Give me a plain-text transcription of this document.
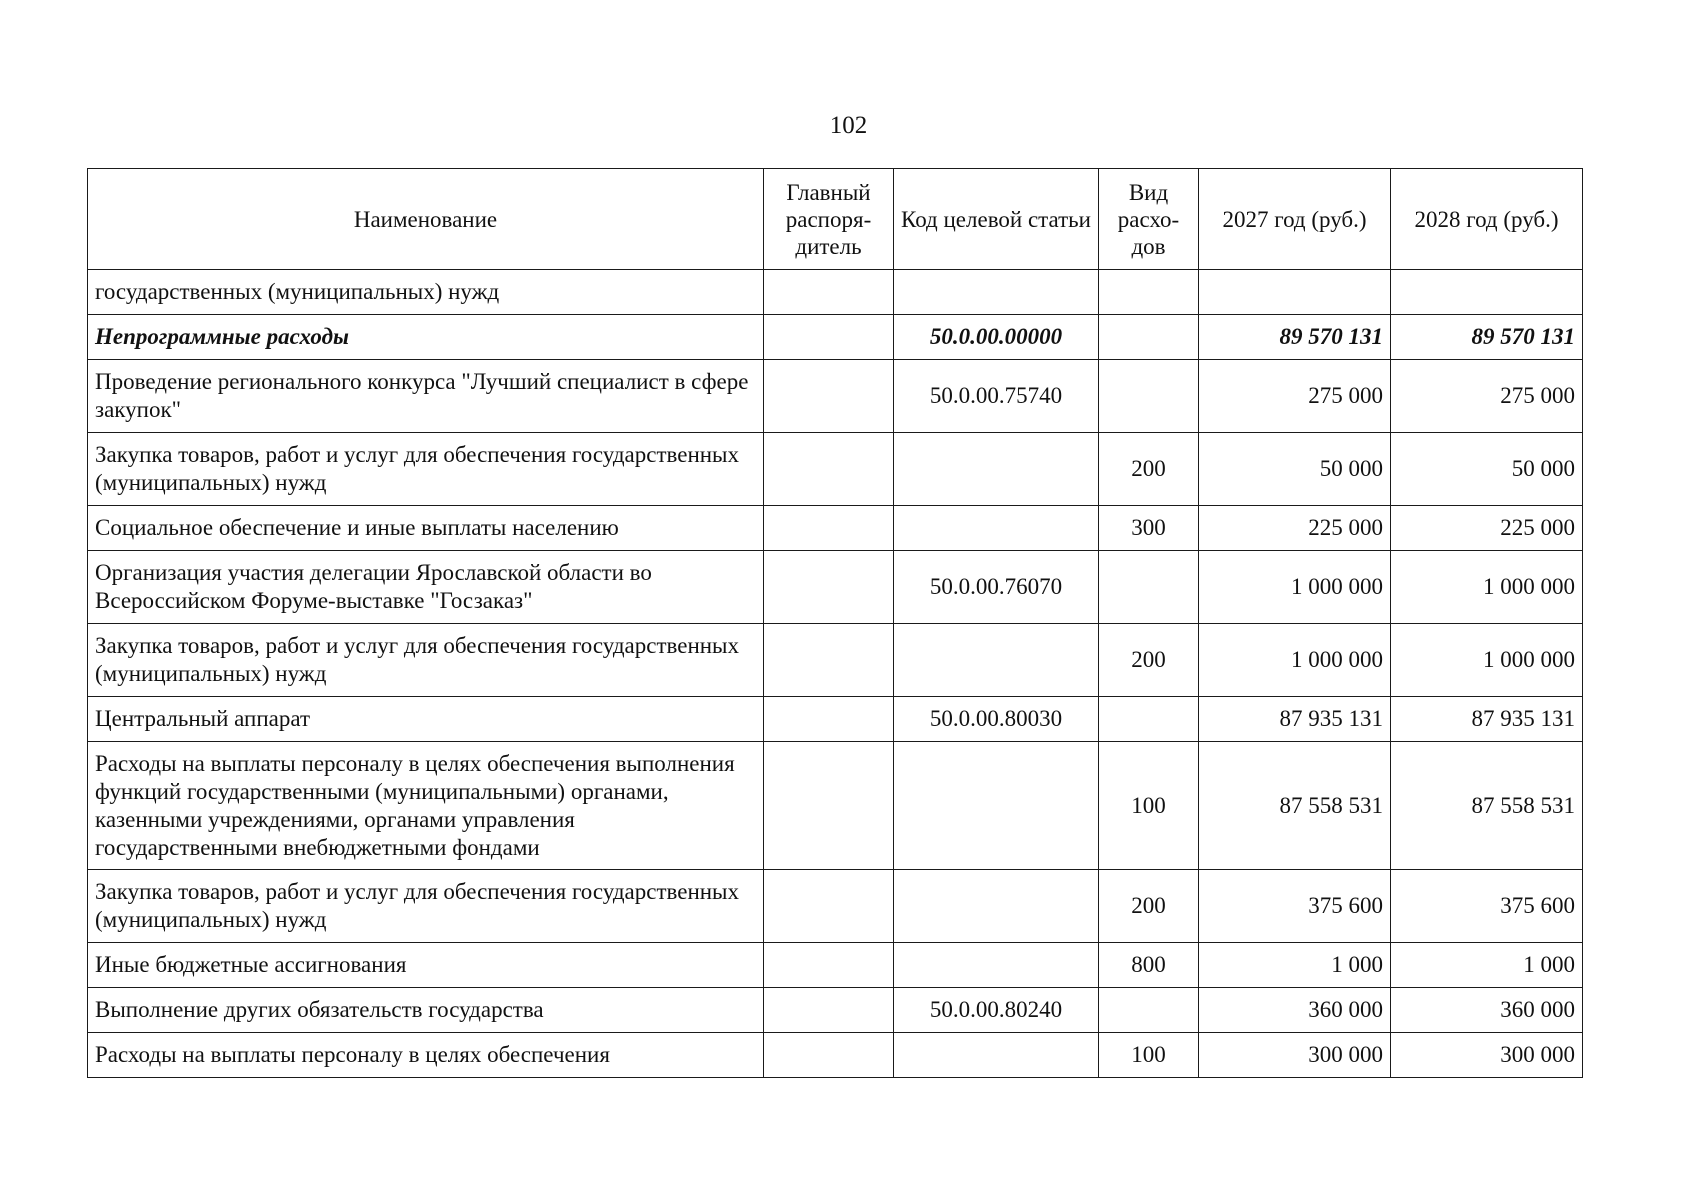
102
Наименование	Главный распоря-дитель	Код целевой статьи	Вид расхо-дов	2027 год (руб.)	2028 год (руб.)
государственных (муниципальных) нужд					
Непрограммные расходы		50.0.00.00000		89 570 131	89 570 131
Проведение регионального конкурса "Лучший специалист в сфере закупок"		50.0.00.75740		275 000	275 000
Закупка товаров, работ и услуг для обеспечения государственных (муниципальных) нужд			200	50 000	50 000
Социальное обеспечение и иные выплаты населению			300	225 000	225 000
Организация участия делегации Ярославской области во Всероссийском Форуме-выставке "Госзаказ"		50.0.00.76070		1 000 000	1 000 000
Закупка товаров, работ и услуг для обеспечения государственных (муниципальных) нужд			200	1 000 000	1 000 000
Центральный аппарат		50.0.00.80030		87 935 131	87 935 131
Расходы на выплаты персоналу в целях обеспечения выполнения функций государственными (муниципальными) органами, казенными учреждениями, органами управления государственными внебюджетными фондами			100	87 558 531	87 558 531
Закупка товаров, работ и услуг для обеспечения государственных (муниципальных) нужд			200	375 600	375 600
Иные бюджетные ассигнования			800	1 000	1 000
Выполнение других обязательств государства		50.0.00.80240		360 000	360 000
Расходы на выплаты персоналу в целях обеспечения			100	300 000	300 000
